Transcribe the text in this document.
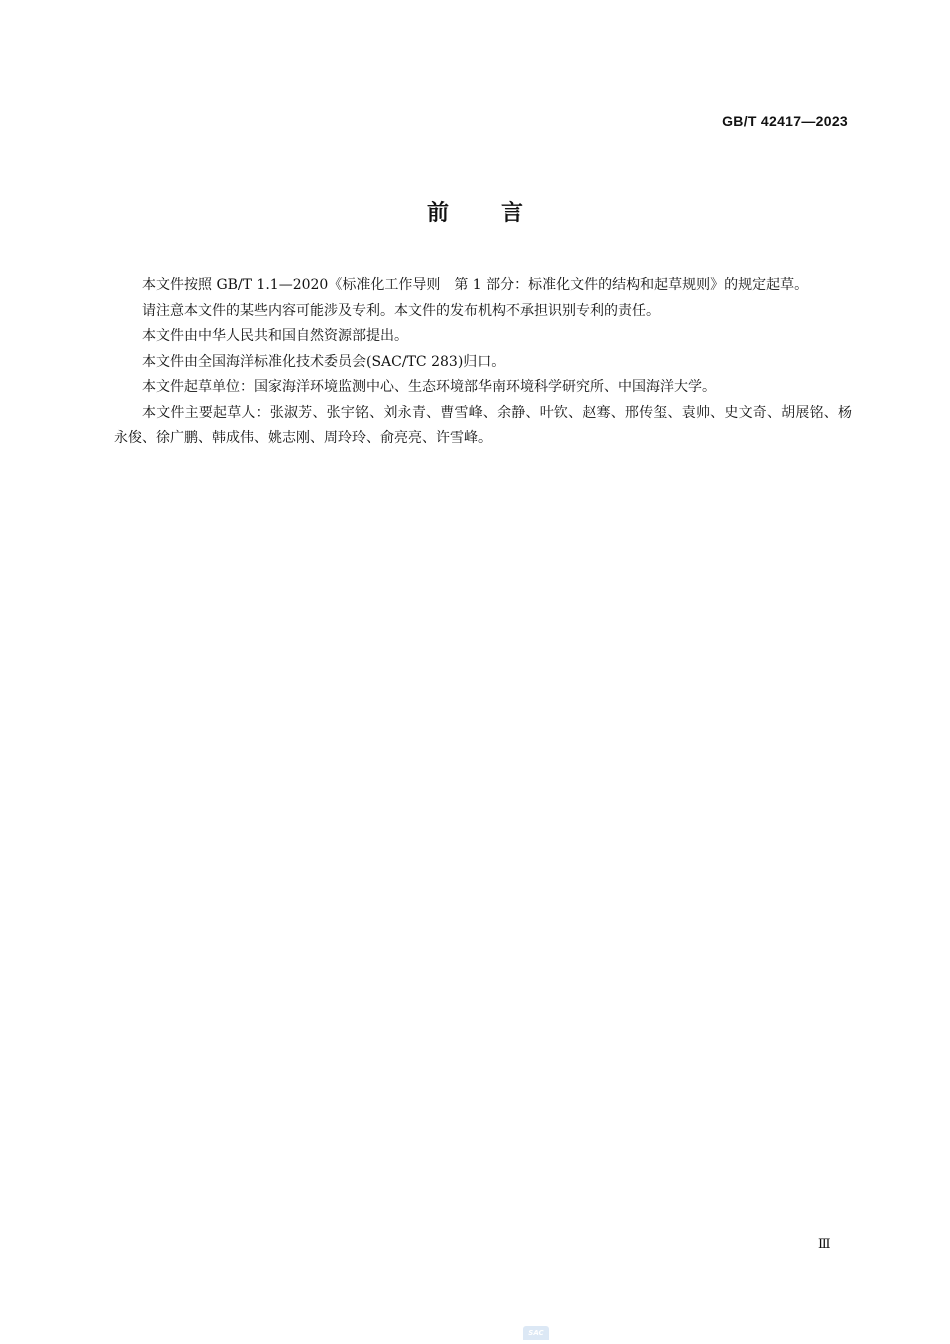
GB/T 42417—2023
前言

本文件按照 GB/T 1.1—2020《标准化工作导则　第 1 部分：标准化文件的结构和起草规则》的规定起草。

请注意本文件的某些内容可能涉及专利。本文件的发布机构不承担识别专利的责任。

本文件由中华人民共和国自然资源部提出。

本文件由全国海洋标准化技术委员会(SAC/TC 283)归口。

本文件起草单位：国家海洋环境监测中心、生态环境部华南环境科学研究所、中国海洋大学。

本文件主要起草人：张淑芳、张宇铭、刘永青、曹雪峰、余静、叶钦、赵骞、邢传玺、袁帅、史文奇、胡展铭、杨永俊、徐广鹏、韩成伟、姚志刚、周玲玲、俞亮亮、许雪峰。

Ⅲ
SAC
